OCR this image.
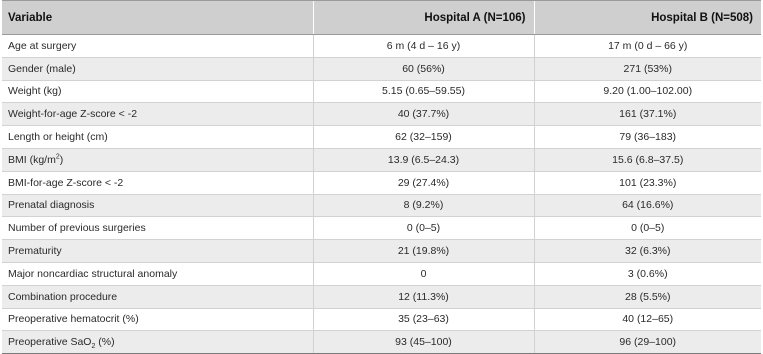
Variable	Hospital A (N=106)	Hospital B (N=508)
Age at surgery	6 m (4 d – 16 y)	17 m (0 d – 66 y)
Gender (male)	60 (56%)	271 (53%)
Weight (kg)	5.15 (0.65–59.55)	9.20 (1.00–102.00)
Weight-for-age Z-score < -2	40 (37.7%)	161 (37.1%)
Length or height (cm)	62 (32–159)	79 (36–183)
BMI $(kg/m^2)$	13.9 (6.5–24.3)	15.6 (6.8–37.5)
BMI-for-age Z-score < -2	29 (27.4%)	101 (23.3%)
Prenatal diagnosis	8 (9.2%)	64 (16.6%)
Number of previous surgeries	0 (0–5)	0 (0–5)
Prematurity	21 (19.8%)	32 (6.3%)
Major noncardiac structural anomaly	0	3 (0.6%)
Combination procedure	12 (11.3%)	28 (5.5%)
Preoperative hematocrit (%)	35 (23–63)	40 (12–65)
Preoperative SaO$_2$ (%)	93 (45–100)	96 (29–100)
